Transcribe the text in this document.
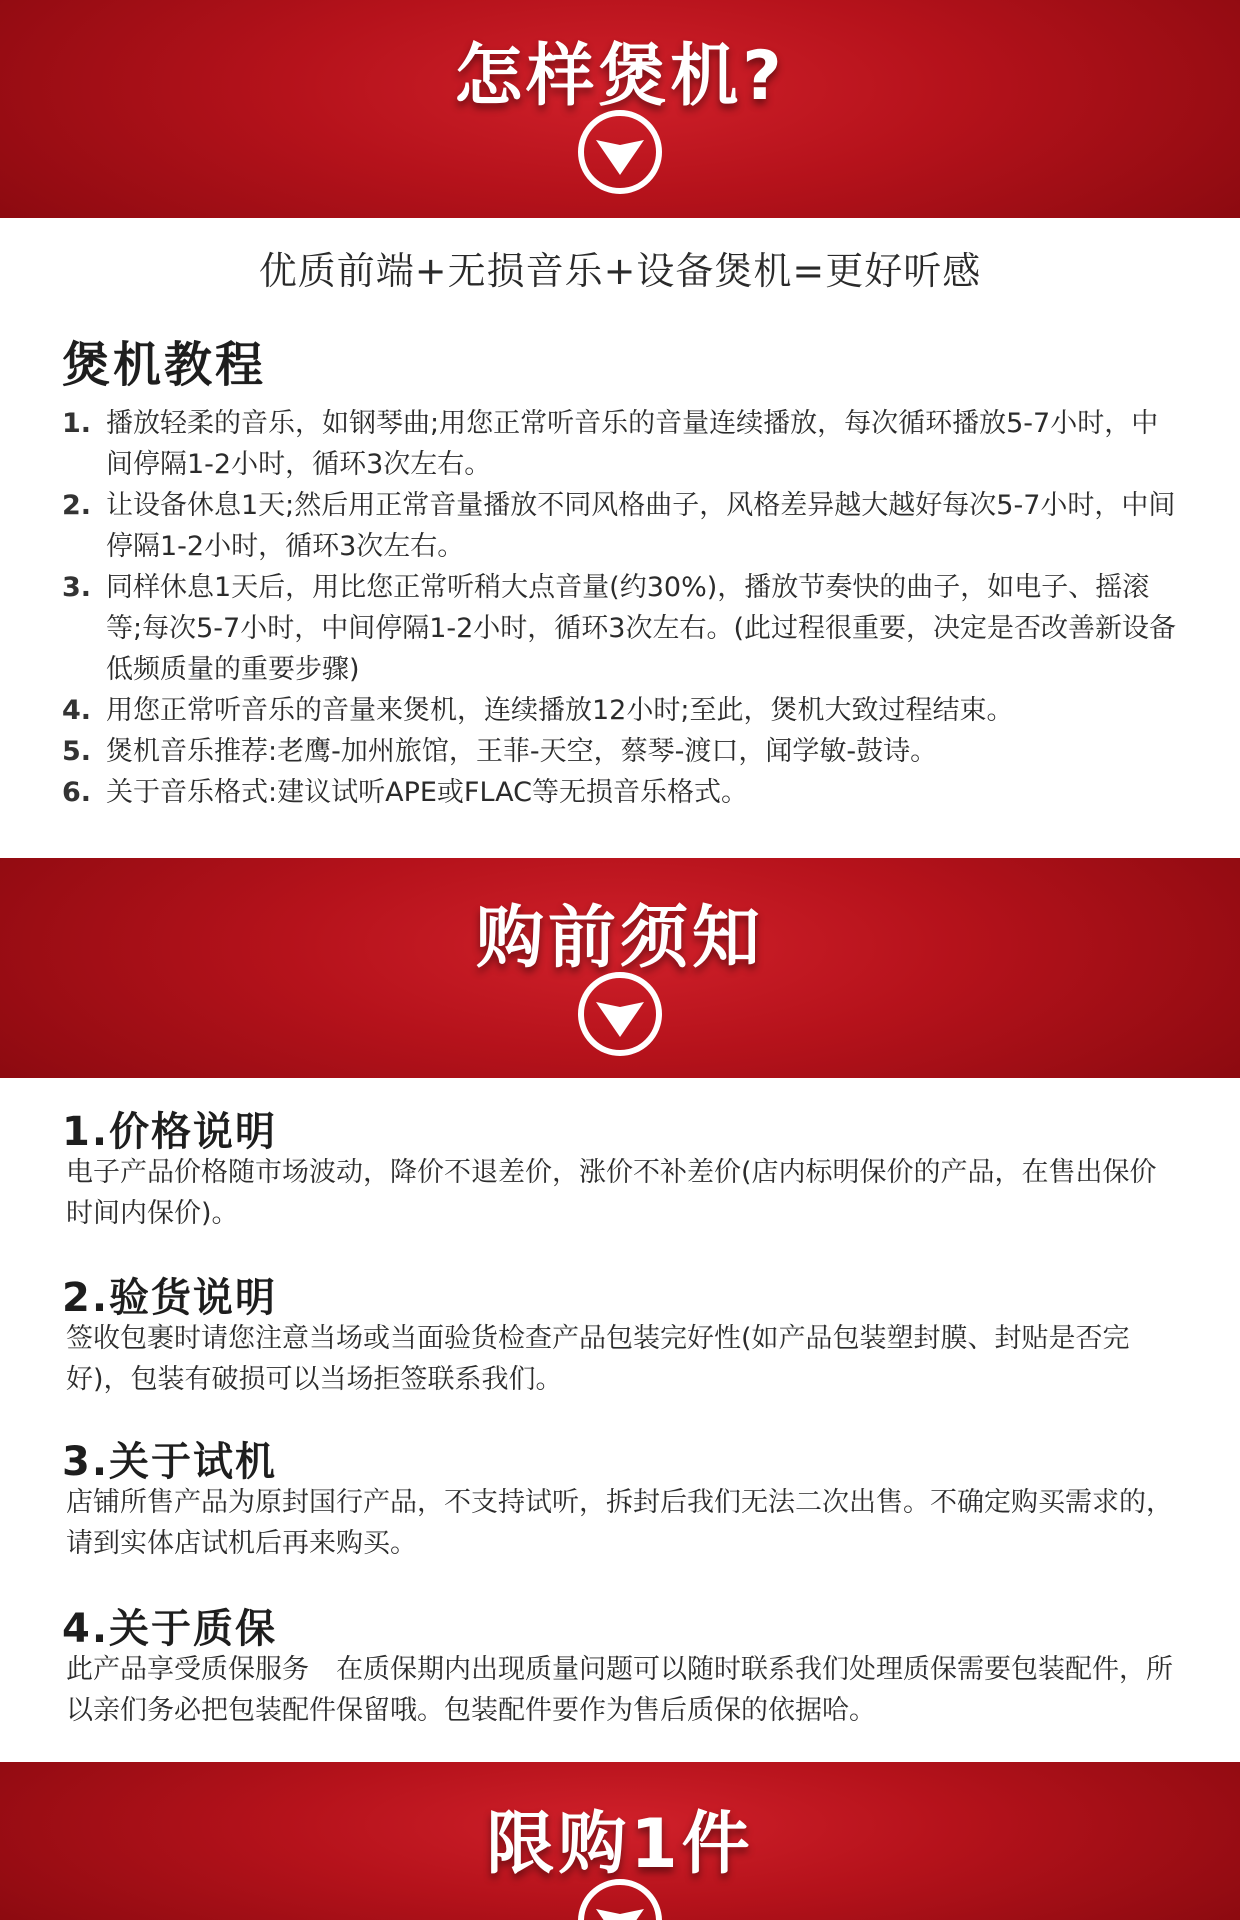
怎样煲机?
优质前端+无损音乐+设备煲机=更好听感
煲机教程
1. 播放轻柔的音乐，如钢琴曲;用您正常听音乐的音量连续播放，每次循环播放5-7小时，中间停隔1-2小时，循环3次左右。
2. 让设备休息1天;然后用正常音量播放不同风格曲子，风格差异越大越好每次5-7小时，中间停隔1-2小时，循环3次左右。
3. 同样休息1天后，用比您正常听稍大点音量(约30%)，播放节奏快的曲子，如电子、摇滚等;每次5-7小时，中间停隔1-2小时，循环3次左右。(此过程很重要，决定是否改善新设备低频质量的重要步骤)
4. 用您正常听音乐的音量来煲机，连续播放12小时;至此，煲机大致过程结束。
5. 煲机音乐推荐:老鹰-加州旅馆，王菲-天空，蔡琴-渡口，闻学敏-鼓诗。
6. 关于音乐格式:建议试听APE或FLAC等无损音乐格式。
购前须知
1.价格说明

电子产品价格随市场波动，降价不退差价，涨价不补差价(店内标明保价的产品，在售出保价时间内保价)。

2.验货说明

签收包裹时请您注意当场或当面验货检查产品包装完好性(如产品包装塑封膜、封贴是否完好)，包装有破损可以当场拒签联系我们。

3.关于试机

店铺所售产品为原封国行产品，不支持试听，拆封后我们无法二次出售。不确定购买需求的，请到实体店试机后再来购买。

4.关于质保

此产品享受质保服务　在质保期内出现质量问题可以随时联系我们处理质保需要包装配件，所以亲们务必把包装配件保留哦。包装配件要作为售后质保的依据哈。

限购1件
